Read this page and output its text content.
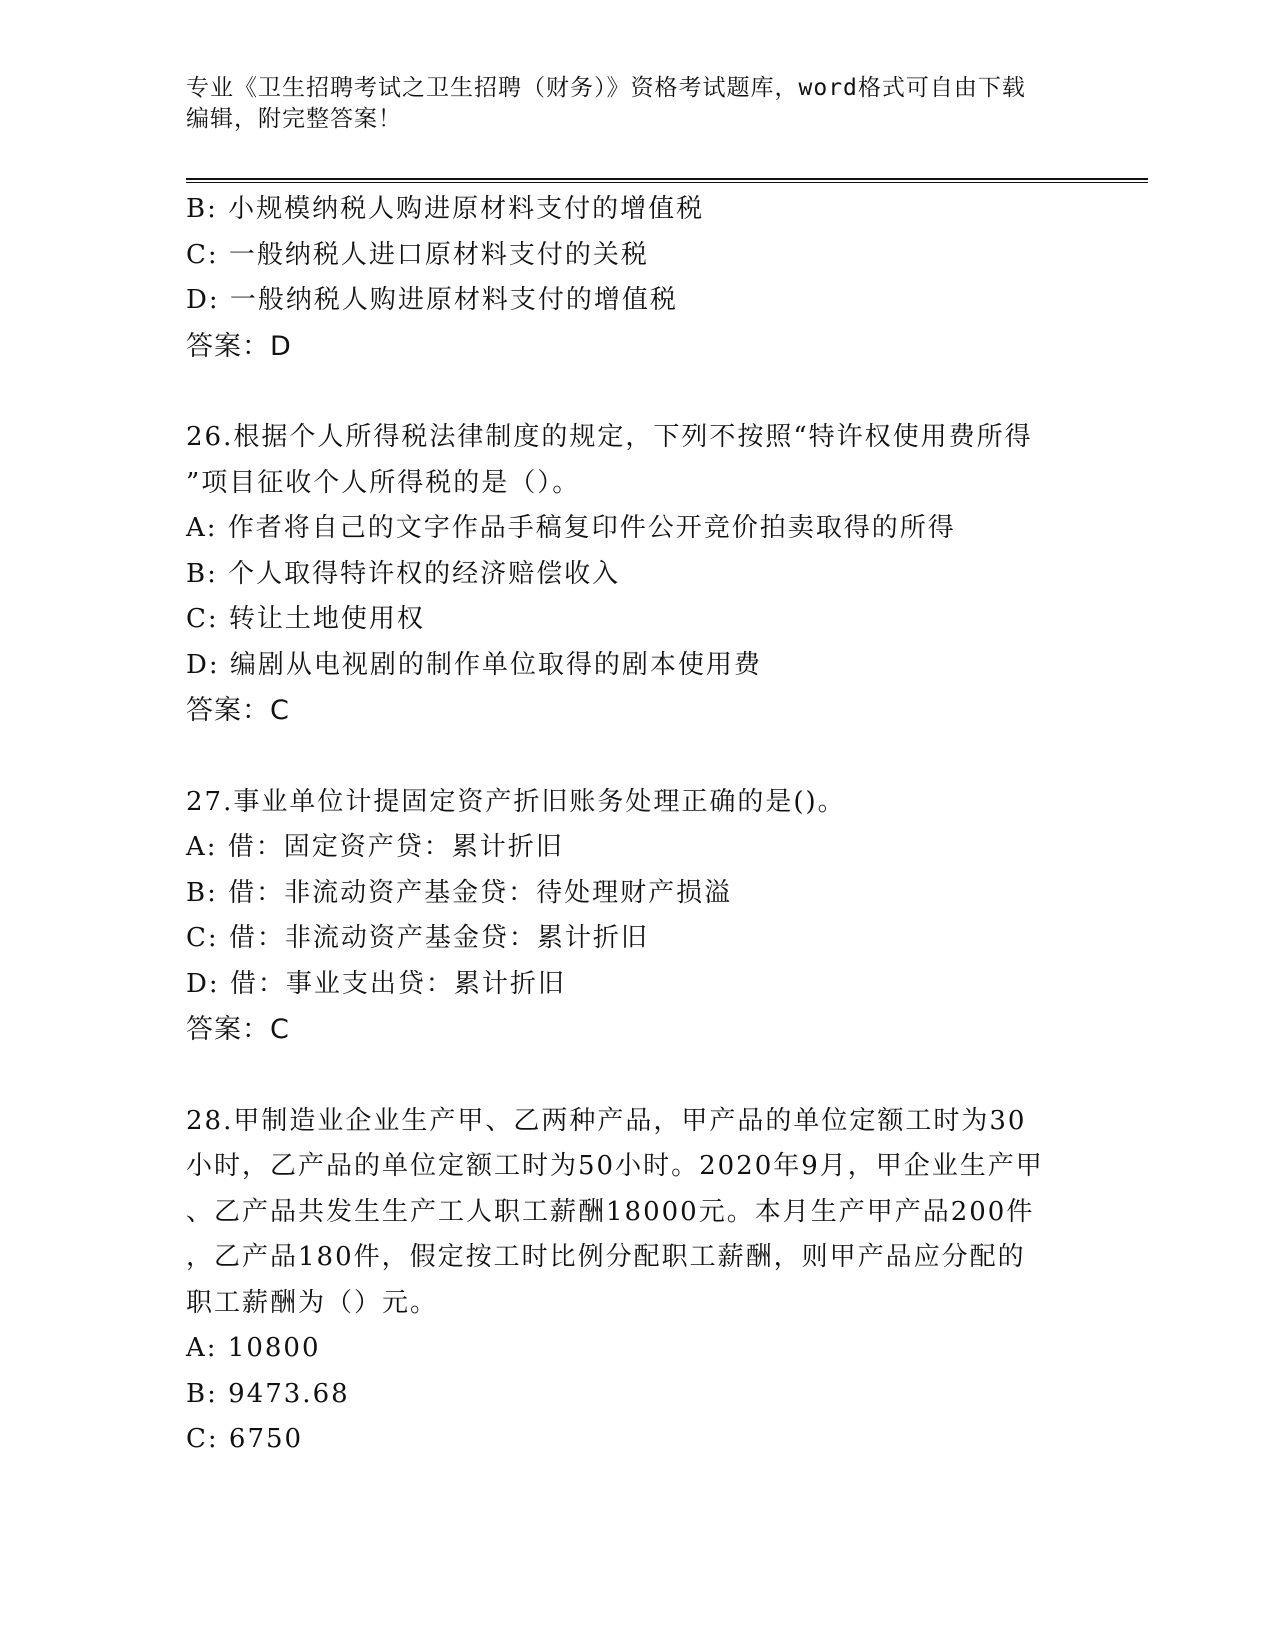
专业《卫生招聘考试之卫生招聘（财务）》资格考试题库，word格式可自由下载
编辑，附完整答案！
B: 小规模纳税人购进原材料支付的增值税
C: 一般纳税人进口原材料支付的关税
D: 一般纳税人购进原材料支付的增值税
答案：D
26.根据个人所得税法律制度的规定，下列不按照“特许权使用费所得
”项目征收个人所得税的是（）。
A: 作者将自己的文字作品手稿复印件公开竞价拍卖取得的所得
B: 个人取得特许权的经济赔偿收入
C: 转让土地使用权
D: 编剧从电视剧的制作单位取得的剧本使用费
答案：C
27.事业单位计提固定资产折旧账务处理正确的是()。
A: 借：固定资产贷：累计折旧
B: 借：非流动资产基金贷：待处理财产损溢
C: 借：非流动资产基金贷：累计折旧
D: 借：事业支出贷：累计折旧
答案：C
28.甲制造业企业生产甲、乙两种产品，甲产品的单位定额工时为30
小时，乙产品的单位定额工时为50小时。2020年9月，甲企业生产甲
、乙产品共发生生产工人职工薪酬18000元。本月生产甲产品200件
，乙产品180件，假定按工时比例分配职工薪酬，则甲产品应分配的
职工薪酬为（）元。
A: 10800
B: 9473.68
C: 6750
